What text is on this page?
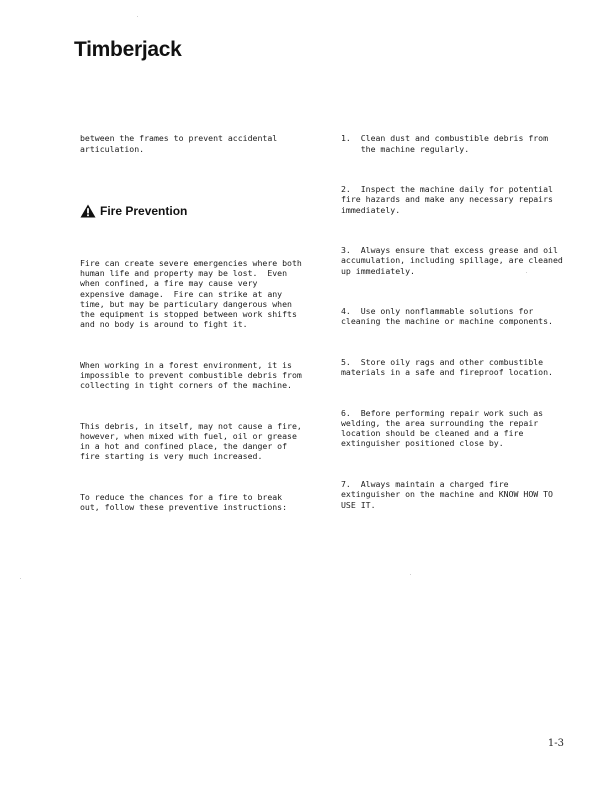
Timberjack

between the frames to prevent accidental
articulation.

Fire Prevention

Fire can create severe emergencies where both
human life and property may be lost.  Even
when confined, a fire may cause very
expensive damage.  Fire can strike at any
time, but may be particulary dangerous when
the equipment is stopped between work shifts
and no body is around to fight it.

When working in a forest environment, it is
impossible to prevent combustible debris from
collecting in tight corners of the machine.

This debris, in itself, may not cause a fire,
however, when mixed with fuel, oil or grease
in a hot and confined place, the danger of
fire starting is very much increased.

To reduce the chances for a fire to break
out, follow these preventive instructions:

1.  Clean dust and combustible debris from
the machine regularly.

2.  Inspect the machine daily for potential
fire hazards and make any necessary repairs
immediately.

3.  Always ensure that excess grease and oil
accumulation, including spillage, are cleaned
up immediately.

4.  Use only nonflammable solutions for
cleaning the machine or machine components.

5.  Store oily rags and other combustible
materials in a safe and fireproof location.

6.  Before performing repair work such as
welding, the area surrounding the repair
location should be cleaned and a fire
extinguisher positioned close by.

7.  Always maintain a charged fire
extinguisher on the machine and KNOW HOW TO
USE IT.

1-3
